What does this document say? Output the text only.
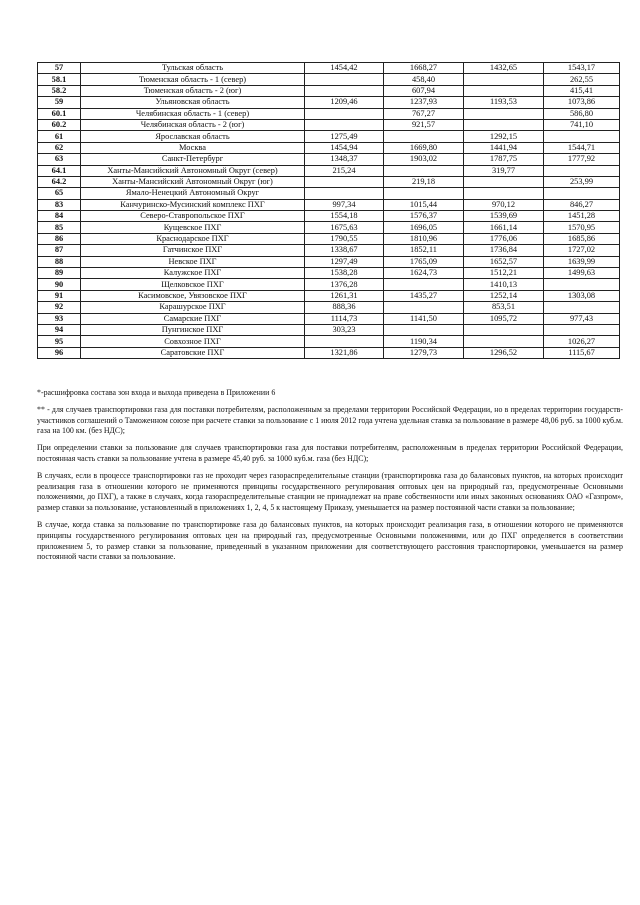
57	Тульская область	1454,42	1668,27	1432,65	1543,17
58.1	Тюменская область - 1 (север)		458,40		262,55
58.2	Тюменская область - 2 (юг)		607,94		415,41
59	Ульяновская область	1209,46	1237,93	1193,53	1073,86
60.1	Челябинская область - 1 (север)		767,27		586,80
60.2	Челябинская область - 2 (юг)		921,57		741,10
61	Ярославская область	1275,49		1292,15	
62	Москва	1454,94	1669,80	1441,94	1544,71
63	Санкт-Петербург	1348,37	1903,02	1787,75	1777,92
64.1	Ханты-Мансийский Автономный Округ (север)	215,24		319,77	
64.2	Ханты-Мансийский Автономный Округ (юг)		219,18		253,99
65	Ямало-Ненецкий Автономный Округ				
83	Канчуринско-Мусинский комплекс ПХГ	997,34	1015,44	970,12	846,27
84	Северо-Ставропольское ПХГ	1554,18	1576,37	1539,69	1451,28
85	Кущевское ПХГ	1675,63	1696,05	1661,14	1570,95
86	Краснодарское ПХГ	1790,55	1810,96	1776,06	1685,86
87	Гатчинское ПХГ	1338,67	1852,11	1736,84	1727,02
88	Невское ПХГ	1297,49	1765,09	1652,57	1639,99
89	Калужское ПХГ	1538,28	1624,73	1512,21	1499,63
90	Щелковское ПХГ	1376,28		1410,13	
91	Касимовское, Увязовское ПХГ	1261,31	1435,27	1252,14	1303,08
92	Карашурское ПХГ	888,36		853,51	
93	Самарские ПХГ	1114,73	1141,50	1095,72	977,43
94	Пунгинское ПХГ	303,23			
95	Совхозное ПХГ		1190,34		1026,27
96	Саратовские ПХГ	1321,86	1279,73	1296,52	1115,67

*-расшифровка состава зон входа и выхода приведена в Приложении 6

** - для случаев транспортировки газа для поставки потребителям, расположенным за пределами территории Российской Федерации, но в пределах территории государств-участников соглашений о Таможенном союзе при расчете ставки за пользование с 1 июля 2012 года учтена удельная ставка за пользование в размере 48,06 руб. за 1000 куб.м. газа на 100 км. (без НДС);

При определении ставки за пользование для случаев транспортировки газа для поставки потребителям, расположенным в пределах территории Российской Федерации, постоянная часть ставки за пользование учтена в размере 45,40 руб. за 1000 куб.м. газа (без НДС);

В случаях, если в процессе транспортировки газ не проходит через газораспределительные станции (транспортировка газа до балансовых пунктов, на которых происходит реализация газа в отношении которого не применяются принципы государственного регулирования оптовых цен на природный газ, предусмотренные Основными положениями, до ПХГ), а также в случаях, когда газораспределительные станции не принадлежат на праве собственности или иных законных основаниях ОАО «Газпром», размер ставки за пользование, установленный в приложениях 1, 2, 4, 5 к настоящему Приказу, уменьшается на размер постоянной части ставки за пользование;

В случае, когда ставка за пользование по транспортировке газа до балансовых пунктов, на которых происходит реализация газа, в отношении которого не применяются принципы государственного регулирования оптовых цен на природный газ, предусмотренные Основными положениями, или до ПХГ определяется в соответствии приложением 5, то размер ставки за пользование, приведенный в указанном приложении для соответствующего расстояния транспортировки, уменьшается на размер постоянной части ставки за пользование.
